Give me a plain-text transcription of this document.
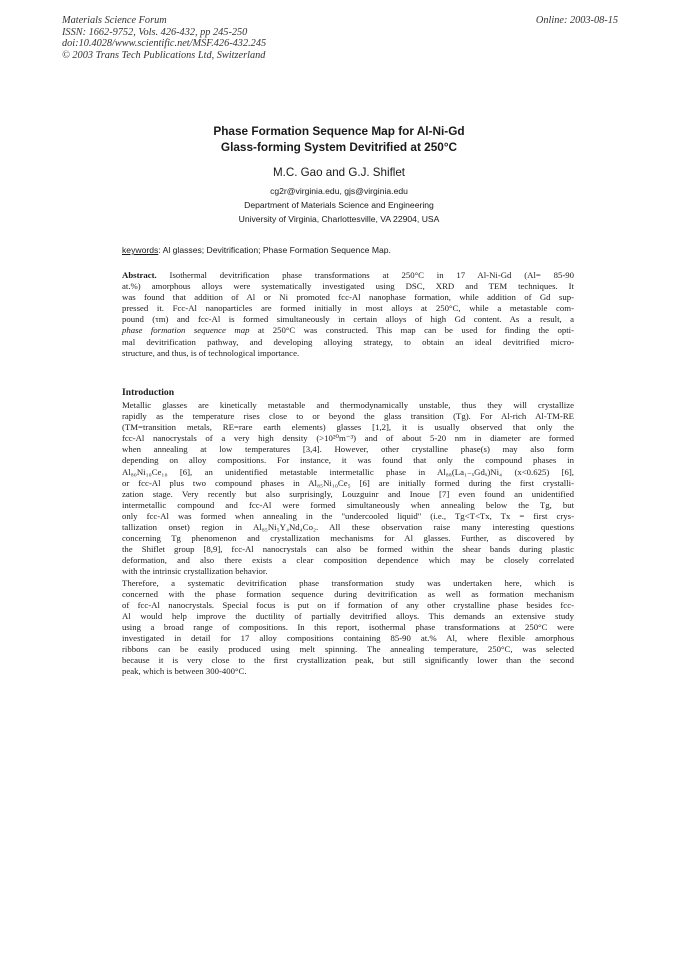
Materials Science Forum
ISSN: 1662-9752, Vols. 426-432, pp 245-250
doi:10.4028/www.scientific.net/MSF.426-432.245
© 2003 Trans Tech Publications Ltd, Switzerland
Online: 2003-08-15
Phase Formation Sequence Map for Al-Ni-Gd
Glass-forming System Devitrified at 250°C
M.C. Gao and G.J. Shiflet
cg2r@virginia.edu, gjs@virginia.edu
Department of Materials Science and Engineering
University of Virginia, Charlottesville, VA 22904, USA
keywords: Al glasses; Devitrification; Phase Formation Sequence Map.
Abstract. Isothermal devitrification phase transformations at 250°C in 17 Al-Ni-Gd (Al= 85-90
at.%) amorphous alloys were systematically investigated using DSC, XRD and TEM techniques. It
was found that addition of Al or Ni promoted fcc-Al nanophase formation, while addition of Gd sup-
pressed it. Fcc-Al nanoparticles are formed initially in most alloys at 250°C, while a metastable com-
pound (τm) and fcc-Al is formed simultaneously in certain alloys of high Gd content. As a result, a
phase formation sequence map at 250°C was constructed. This map can be used for finding the opti-
mal devitrification pathway, and developing alloying strategy, to obtain an ideal devitrified micro-
structure, and thus, is of technological importance.
Introduction
Metallic glasses are kinetically metastable and thermodynamically unstable, thus they will crystallize
rapidly as the temperature rises close to or beyond the glass transition (Tg). For Al-rich Al-TM-RE
(TM=transition metals, RE=rare earth elements) glasses [1,2], it is usually observed that only the
fcc-Al nanocrystals of a very high density (>10²⁰m⁻³) and of about 5-20 nm in diameter are formed
when annealing at low temperatures [3,4]. However, other crystalline phase(s) may also form
depending on alloy compositions. For instance, it was found that only the compound phases in
Al₈₀Ni₁₀Ce₁₀ [6], an unidentified metastable intermetallic phase in Al₈₈(La₁₋ₓGdₓ)Ni₄ (x<0.625) [6],
or fcc-Al plus two compound phases in Al₈₅Ni₁₀Ce₅ [6] are initially formed during the first crystalli-
zation stage. Very recently but also surprisingly, Louzguinr and Inoue [7] even found an unidentified
intermetallic compound and fcc-Al were formed simultaneously when annealing below the Tg, but
only fcc-Al was formed when annealing in the "undercooled liquid" (i.e., Tg<T<Tx, Tx = first crys-
tallization onset) region in Al₈₅Ni₅Y₄Nd₄Co₂. All these observation raise many interesting questions
concerning Tg phenomenon and crystallization mechanisms for Al glasses. Further, as discovered by
the Shiflet group [8,9], fcc-Al nanocrystals can also be formed within the shear bands during plastic
deformation, and also there exists a clear composition dependence which may be closely correlated
with the intrinsic crystallization behavior.
Therefore, a systematic devitrification phase transformation study was undertaken here, which is
concerned with the phase formation sequence during devitrification as well as formation mechanism
of fcc-Al nanocrystals. Special focus is put on if formation of any other crystalline phase besides fcc-
Al would help improve the ductility of partially devitrified alloys. This demands an extensive study
using a broad range of compositions. In this report, isothermal phase transformations at 250°C were
investigated in detail for 17 alloy compositions containing 85-90 at.% Al, where flexible amorphous
ribbons can be easily produced using melt spinning. The annealing temperature, 250°C, was selected
because it is very close to the first crystallization peak, but still significantly lower than the second
peak, which is between 300-400°C.
